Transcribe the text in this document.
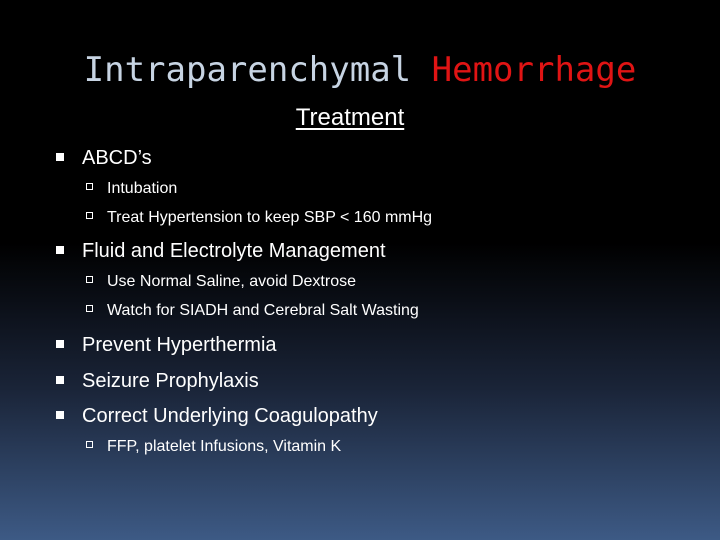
Intraparenchymal Hemorrhage
Treatment
ABCD’s
Intubation
Treat Hypertension to keep SBP < 160 mmHg
Fluid and Electrolyte Management
Use Normal Saline, avoid Dextrose
Watch for SIADH and Cerebral Salt Wasting
Prevent Hyperthermia
Seizure Prophylaxis
Correct Underlying Coagulopathy
FFP, platelet Infusions, Vitamin K
